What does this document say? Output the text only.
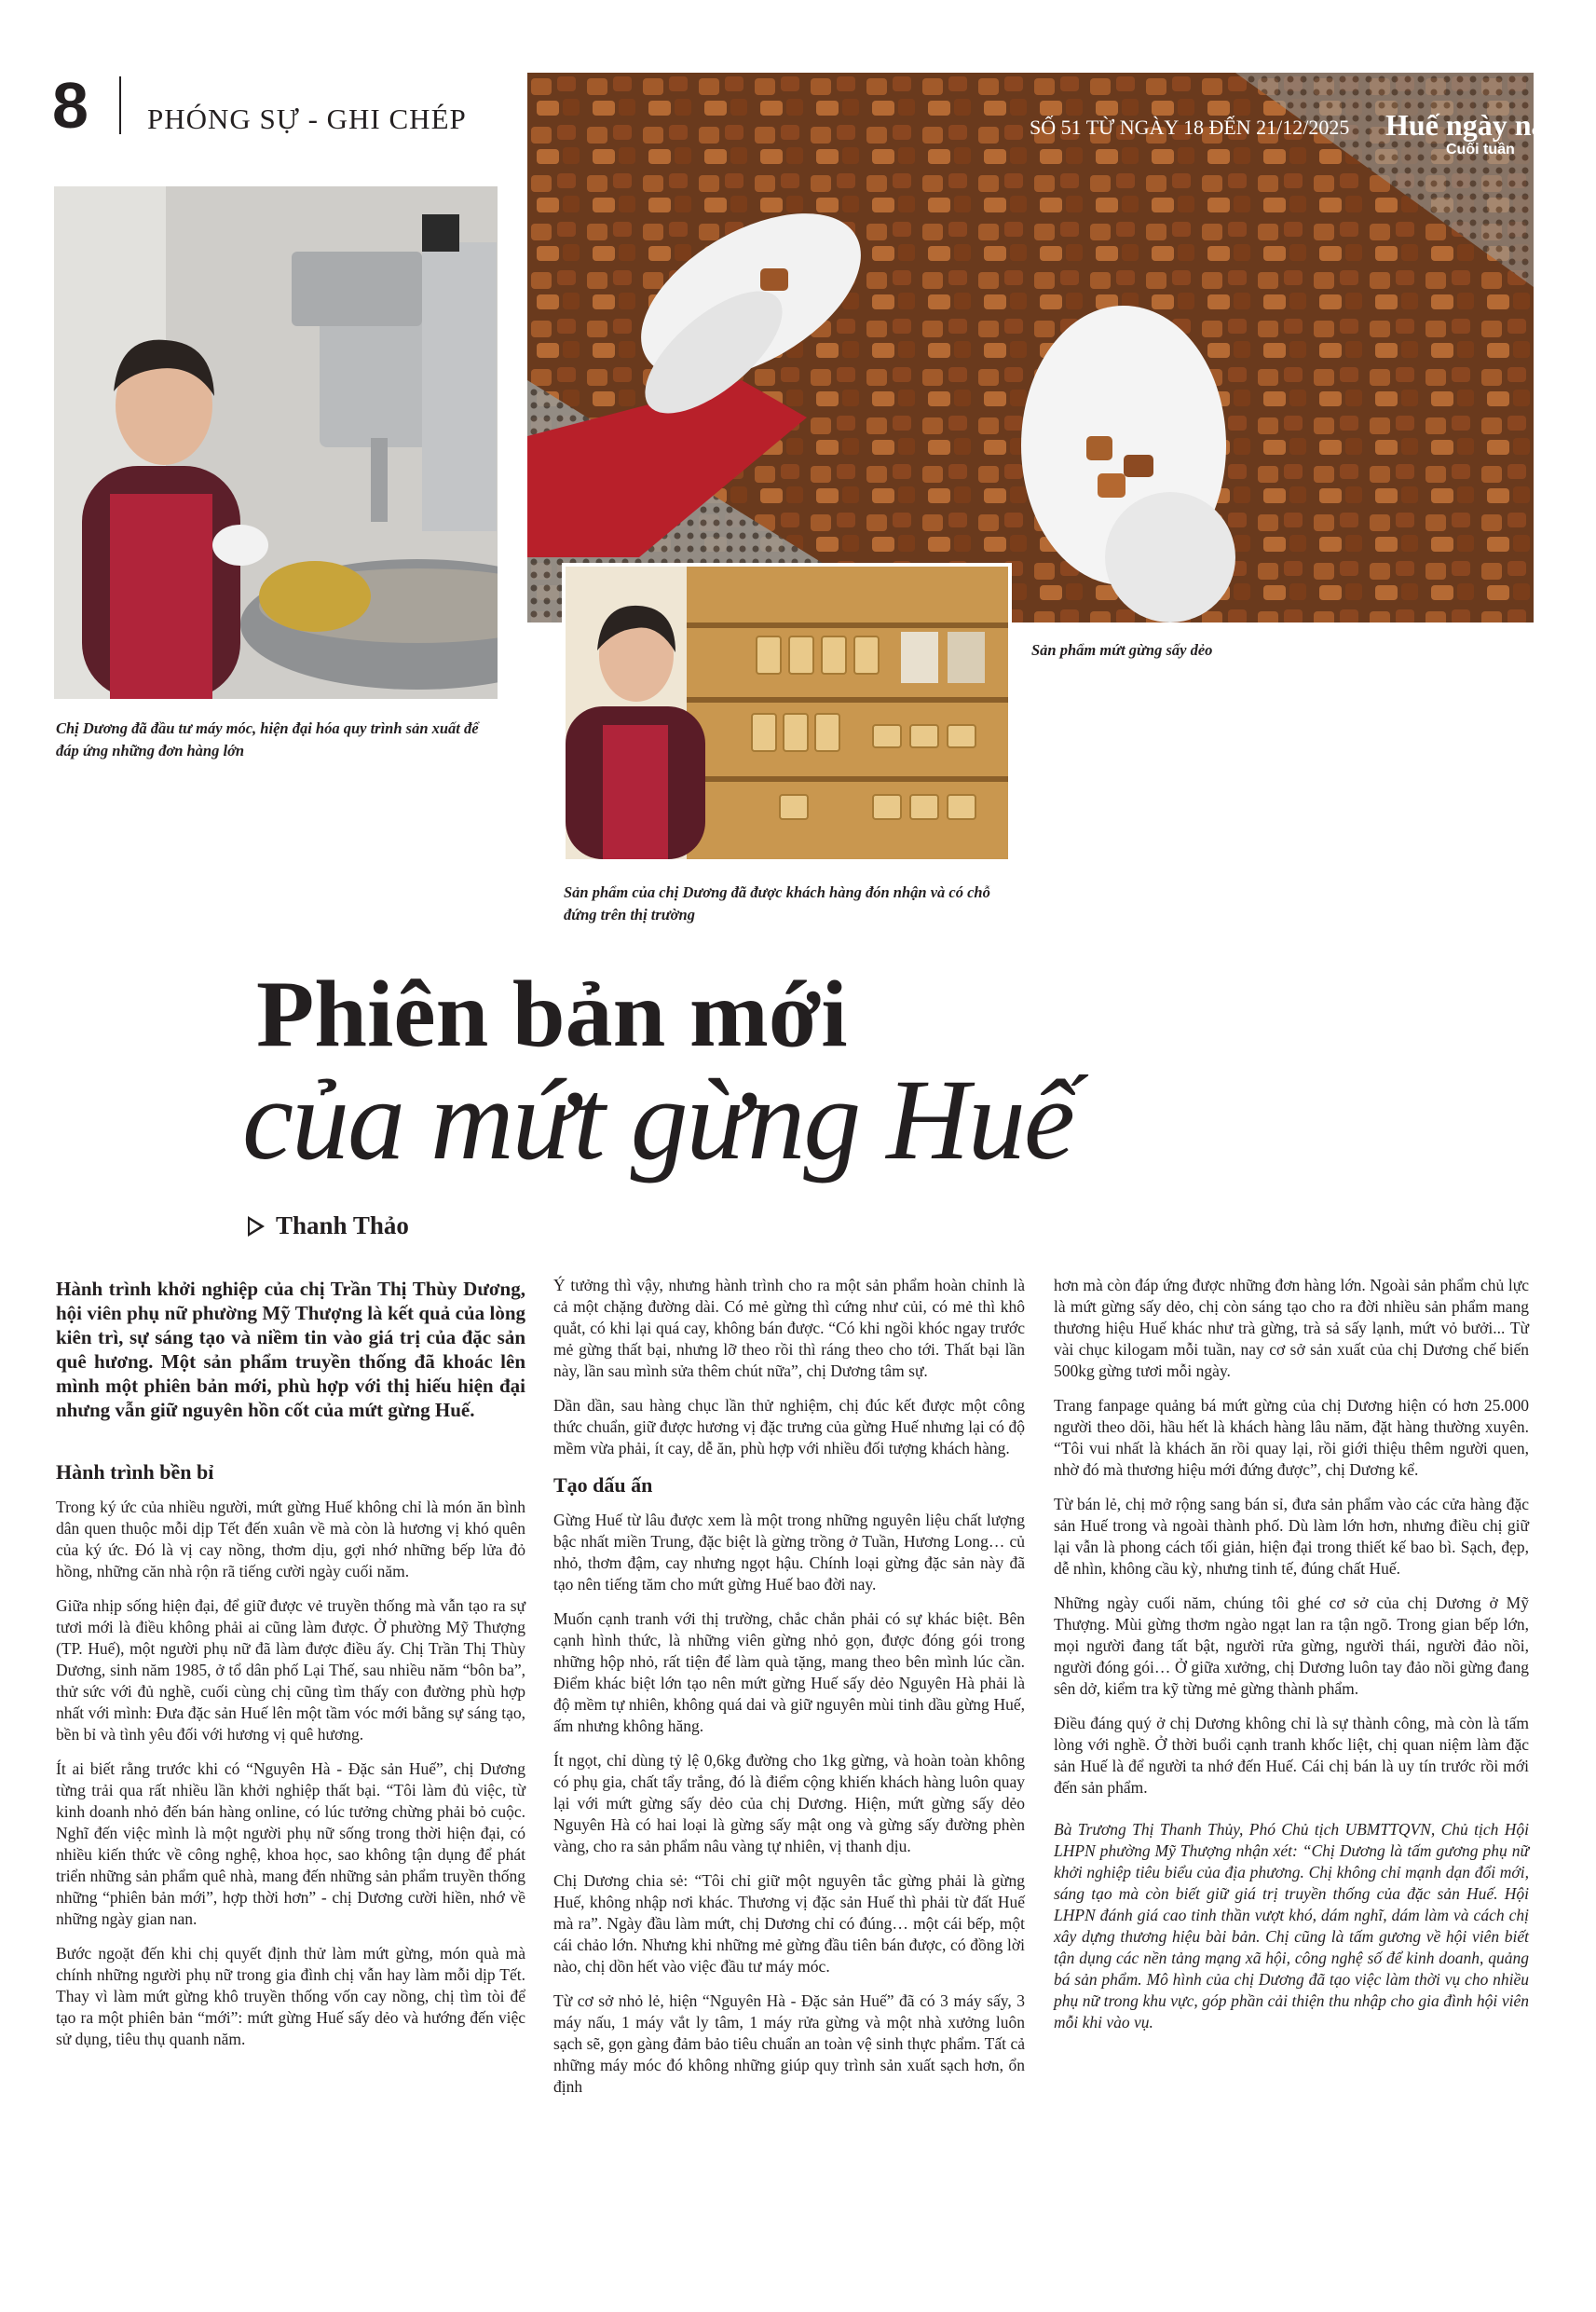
8 PHÓNG SỰ - GHI CHÉP	SỐ 51 TỪ NGÀY 18 ĐẾN 21/12/2025 Huế ngày nay
Cuối tuần
Chị Dương đã đầu tư máy móc, hiện đại hóa quy trình sản xuất để đáp ứng những đơn hàng lớn
Sản phẩm mứt gừng sấy dẻo
Sản phẩm của chị Dương đã được khách hàng đón nhận và có chỗ đứng trên thị trường
Phiên bản mới
của mứt gừng Huế
Thanh Thảo

Hành trình khởi nghiệp của chị Trần Thị Thùy Dương, hội viên phụ nữ phường Mỹ Thượng là kết quả của lòng kiên trì, sự sáng tạo và niềm tin vào giá trị của đặc sản quê hương. Một sản phẩm truyền thống đã khoác lên mình một phiên bản mới, phù hợp với thị hiếu hiện đại nhưng vẫn giữ nguyên hồn cốt của mứt gừng Huế.

Hành trình bền bỉ

Trong ký ức của nhiều người, mứt gừng Huế không chỉ là món ăn bình dân quen thuộc mỗi dịp Tết đến xuân về mà còn là hương vị khó quên của ký ức. Đó là vị cay nồng, thơm dịu, gợi nhớ những bếp lửa đỏ hồng, những căn nhà rộn rã tiếng cười ngày cuối năm.

Giữa nhịp sống hiện đại, để giữ được vẻ truyền thống mà vẫn tạo ra sự tươi mới là điều không phải ai cũng làm được. Ở phường Mỹ Thượng (TP. Huế), một người phụ nữ đã làm được điều ấy. Chị Trần Thị Thùy Dương, sinh năm 1985, ở tổ dân phố Lại Thế, sau nhiều năm “bôn ba”, thử sức với đủ nghề, cuối cùng chị cũng tìm thấy con đường phù hợp nhất với mình: Đưa đặc sản Huế lên một tầm vóc mới bằng sự sáng tạo, bền bỉ và tình yêu đối với hương vị quê hương.

Ít ai biết rằng trước khi có “Nguyên Hà - Đặc sản Huế”, chị Dương từng trải qua rất nhiều lần khởi nghiệp thất bại. “Tôi làm đủ việc, từ kinh doanh nhỏ đến bán hàng online, có lúc tưởng chừng phải bỏ cuộc. Nghĩ đến việc mình là một người phụ nữ sống trong thời hiện đại, có nhiều kiến thức về công nghệ, khoa học, sao không tận dụng để phát triển những sản phẩm quê nhà, mang đến những sản phẩm truyền thống những “phiên bản mới”, hợp thời hơn” - chị Dương cười hiền, nhớ về những ngày gian nan.

Bước ngoặt đến khi chị quyết định thử làm mứt gừng, món quà mà chính những người phụ nữ trong gia đình chị vẫn hay làm mỗi dịp Tết. Thay vì làm mứt gừng khô truyền thống vốn cay nồng, chị tìm tòi để tạo ra một phiên bản “mới”: mứt gừng Huế sấy dẻo và hướng đến việc sử dụng, tiêu thụ quanh năm.

Ý tưởng thì vậy, nhưng hành trình cho ra một sản phẩm hoàn chỉnh là cả một chặng đường dài. Có mẻ gừng thì cứng như củi, có mẻ thì khô quắt, có khi lại quá cay, không bán được. “Có khi ngồi khóc ngay trước mẻ gừng thất bại, nhưng lỡ theo rồi thì ráng theo cho tới. Thất bại lần này, lần sau mình sửa thêm chút nữa”, chị Dương tâm sự.

Dần dần, sau hàng chục lần thử nghiệm, chị đúc kết được một công thức chuẩn, giữ được hương vị đặc trưng của gừng Huế nhưng lại có độ mềm vừa phải, ít cay, dễ ăn, phù hợp với nhiều đối tượng khách hàng.

Tạo dấu ấn

Gừng Huế từ lâu được xem là một trong những nguyên liệu chất lượng bậc nhất miền Trung, đặc biệt là gừng trồng ở Tuần, Hương Long… củ nhỏ, thơm đậm, cay nhưng ngọt hậu. Chính loại gừng đặc sản này đã tạo nên tiếng tăm cho mứt gừng Huế bao đời nay.

Muốn cạnh tranh với thị trường, chắc chắn phải có sự khác biệt. Bên cạnh hình thức, là những viên gừng nhỏ gọn, được đóng gói trong những hộp nhỏ, rất tiện để làm quà tặng, mang theo bên mình lúc cần. Điểm khác biệt lớn tạo nên mứt gừng Huế sấy dẻo Nguyên Hà phải là độ mềm tự nhiên, không quá dai và giữ nguyên mùi tinh dầu gừng Huế, ấm nhưng không hăng.

Ít ngọt, chỉ dùng tỷ lệ 0,6kg đường cho 1kg gừng, và hoàn toàn không có phụ gia, chất tẩy trắng, đó là điểm cộng khiến khách hàng luôn quay lại với mứt gừng sấy dẻo của chị Dương. Hiện, mứt gừng sấy dẻo Nguyên Hà có hai loại là gừng sấy mật ong và gừng sấy đường phèn vàng, cho ra sản phẩm nâu vàng tự nhiên, vị thanh dịu.

Chị Dương chia sẻ: “Tôi chỉ giữ một nguyên tắc gừng phải là gừng Huế, không nhập nơi khác. Thương vị đặc sản Huế thì phải từ đất Huế mà ra”. Ngày đầu làm mứt, chị Dương chỉ có đúng… một cái bếp, một cái chảo lớn. Nhưng khi những mẻ gừng đầu tiên bán được, có đồng lời nào, chị dồn hết vào việc đầu tư máy móc.

Từ cơ sở nhỏ lẻ, hiện “Nguyên Hà - Đặc sản Huế” đã có 3 máy sấy, 3 máy nấu, 1 máy vắt ly tâm, 1 máy rửa gừng và một nhà xưởng luôn sạch sẽ, gọn gàng đảm bảo tiêu chuẩn an toàn vệ sinh thực phẩm. Tất cả những máy móc đó không những giúp quy trình sản xuất sạch hơn, ổn định

hơn mà còn đáp ứng được những đơn hàng lớn. Ngoài sản phẩm chủ lực là mứt gừng sấy dẻo, chị còn sáng tạo cho ra đời nhiều sản phẩm mang thương hiệu Huế khác như trà gừng, trà sả sấy lạnh, mứt vỏ bưởi... Từ vài chục kilogam mỗi tuần, nay cơ sở sản xuất của chị Dương chế biến 500kg gừng tươi mỗi ngày.

Trang fanpage quảng bá mứt gừng của chị Dương hiện có hơn 25.000 người theo dõi, hầu hết là khách hàng lâu năm, đặt hàng thường xuyên. “Tôi vui nhất là khách ăn rồi quay lại, rồi giới thiệu thêm người quen, nhờ đó mà thương hiệu mới đứng được”, chị Dương kể.

Từ bán lẻ, chị mở rộng sang bán sỉ, đưa sản phẩm vào các cửa hàng đặc sản Huế trong và ngoài thành phố. Dù làm lớn hơn, nhưng điều chị giữ lại vẫn là phong cách tối giản, hiện đại trong thiết kế bao bì. Sạch, đẹp, dễ nhìn, không cầu kỳ, nhưng tinh tế, đúng chất Huế.

Những ngày cuối năm, chúng tôi ghé cơ sở của chị Dương ở Mỹ Thượng. Mùi gừng thơm ngào ngạt lan ra tận ngõ. Trong gian bếp lớn, mọi người đang tất bật, người rửa gừng, người thái, người đảo nồi, người đóng gói… Ở giữa xưởng, chị Dương luôn tay đảo nồi gừng đang sên dở, kiểm tra kỹ từng mẻ gừng thành phẩm.

Điều đáng quý ở chị Dương không chỉ là sự thành công, mà còn là tấm lòng với nghề. Ở thời buổi cạnh tranh khốc liệt, chị quan niệm làm đặc sản Huế là để người ta nhớ đến Huế. Cái chị bán là uy tín trước rồi mới đến sản phẩm.

Bà Trương Thị Thanh Thủy, Phó Chủ tịch UBMTTQVN, Chủ tịch Hội LHPN phường Mỹ Thượng nhận xét: “Chị Dương là tấm gương phụ nữ khởi nghiệp tiêu biểu của địa phương. Chị không chỉ mạnh dạn đổi mới, sáng tạo mà còn biết giữ giá trị truyền thống của đặc sản Huế. Hội LHPN đánh giá cao tinh thần vượt khó, dám nghĩ, dám làm và cách chị xây dựng thương hiệu bài bản. Chị cũng là tấm gương về hội viên biết tận dụng các nền tảng mạng xã hội, công nghệ số để kinh doanh, quảng bá sản phẩm. Mô hình của chị Dương đã tạo việc làm thời vụ cho nhiều phụ nữ trong khu vực, góp phần cải thiện thu nhập cho gia đình hội viên mỗi khi vào vụ.
